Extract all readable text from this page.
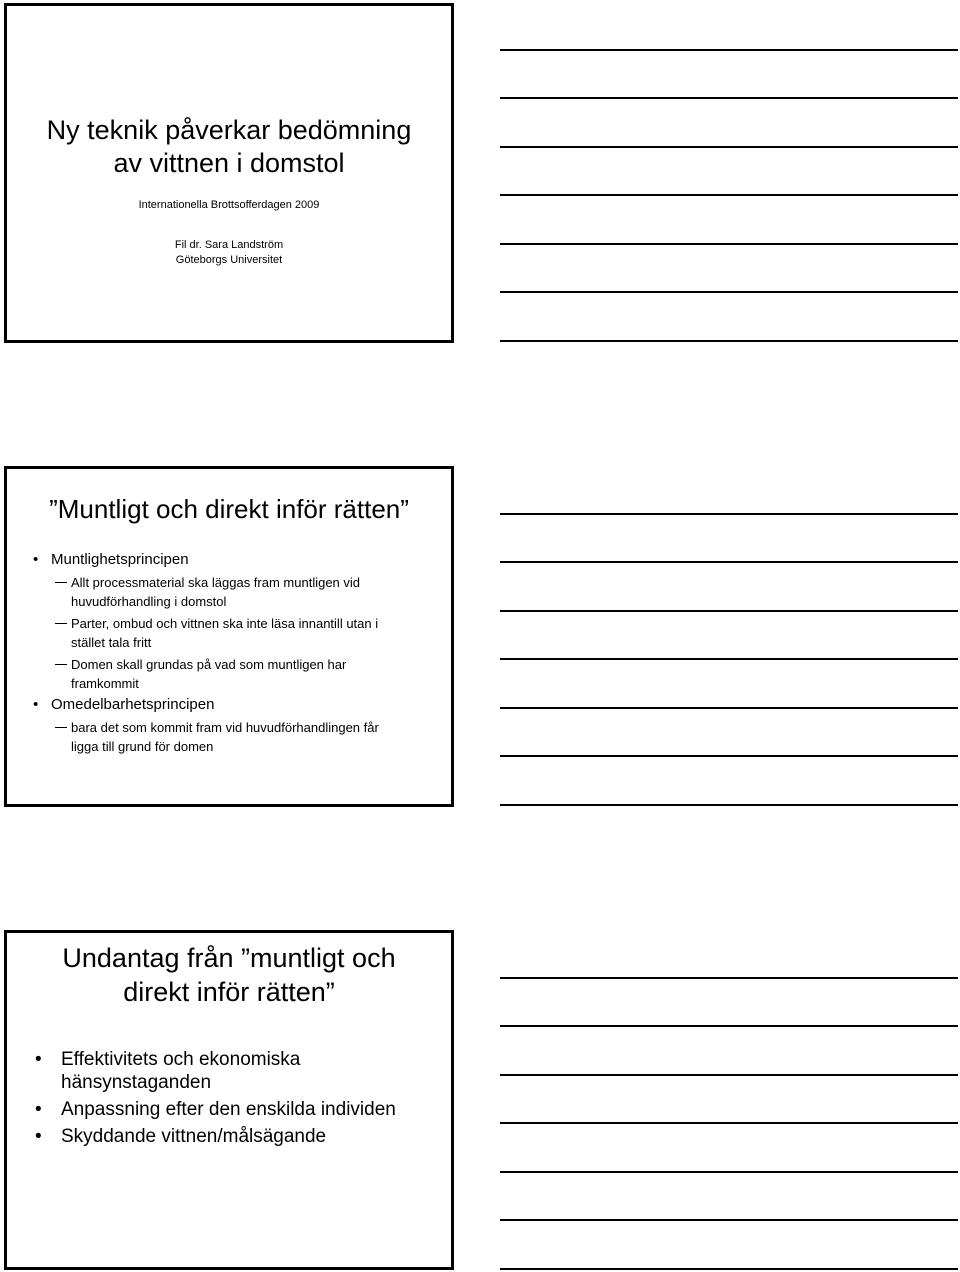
Ny teknik påverkar bedömning
av vittnen i domstol
Internationella Brottsofferdagen 2009
Fil dr. Sara Landström
Göteborgs Universitet
”Muntligt och direkt inför rätten”
• Muntlighetsprincipen
Allt processmaterial ska läggas fram muntligen vid
huvudförhandling i domstol
Parter, ombud och vittnen ska inte läsa innantill utan i
stället tala fritt
Domen skall grundas på vad som muntligen har
framkommit
• Omedelbarhetsprincipen
bara det som kommit fram vid huvudförhandlingen får
ligga till grund för domen
Undantag från ”muntligt och
direkt inför rätten”
• Effektivitets och ekonomiska
hänsynstaganden
• Anpassning efter den enskilda individen
• Skyddande vittnen/målsägande
